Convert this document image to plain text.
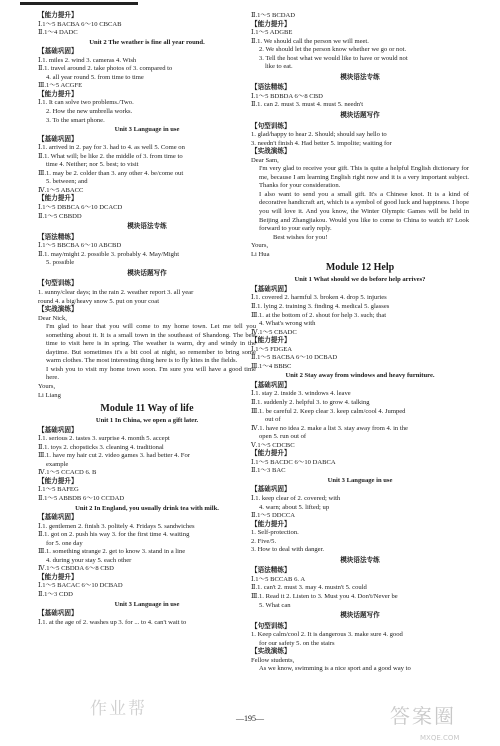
【能力提升】
Ⅰ.1～5 BACBA 6～10 CBCAB
Ⅱ.1～4 DADC
Unit 2 The weather is fine all year round.
【基础巩固】
Ⅰ.1. miles 2. wind 3. cameras 4. Wish
Ⅱ.1. travel around 2. take photos of 3. compared to
4. all year round 5. from time to time
Ⅲ.1～5 ACGFE
【能力提升】
Ⅰ.1. It can solve two problems./Two.
2. How the new umbrella works.
3. To the smart phone.
Unit 3 Language in use
【基础巩固】
Ⅰ.1. arrived in 2. pay for 3. had to 4. as well 5. Come on
Ⅱ.1. What will; be like 2. the middle of 3. from time to
time 4. Neither; nor 5. best; to visit
Ⅲ.1. may be 2. colder than 3. any other 4. be/come out
5. between; and
Ⅳ.1～5 ABACC
【能力提升】
Ⅰ.1～5 DBBCA 6～10 DCACD
Ⅱ.1～5 CBBDD
模块语法专练
【语法精练】
Ⅰ.1～5 BBCBA 6～10 ABCBD
Ⅱ.1. may/might 2. possible 3. probably 4. May/Might
5. possible
模块话题写作
【句型训练】
1. sunny/clear days; in the rain 2. weather report 3. all year
round 4. a big/heavy snow 5. put on your coat
【实战演练】
Dear Nick,
I'm glad to hear that you will come to my home town. Let me tell you something about it. It is a small town in the southeast of Shandong. The best time to visit here is in spring. The weather is warm, dry and windy in the daytime. But sometimes it's a bit cool at night, so remember to bring some warm clothes. The most interesting thing here is to fly kites in the fields.
I wish you to visit my home town soon. I'm sure you will have a good time here.
Yours,
Li Liang
Module 11 Way of life
Unit 1 In China, we open a gift later.
【基础巩固】
Ⅰ.1. serious 2. tastes 3. surprise 4. month 5. accept
Ⅱ.1. toys 2. chopsticks 3. cleaning 4. traditional
Ⅲ.1. have my hair cut 2. video games 3. had better 4. For
example
Ⅳ.1～5 CCACD 6. B
【能力提升】
Ⅰ.1～5 BAFEG
Ⅱ.1～5 ABBDB 6～10 CCDAD
Unit 2 In England, you usually drink tea with milk.
【基础巩固】
Ⅰ.1. gentlemen 2. finish 3. politely 4. Fridays 5. sandwiches
Ⅱ.1. got on 2. push his way 3. for the first time 4. waiting
for 5. one day
Ⅲ.1. something strange 2. get to know 3. stand in a line
4. during your stay 5. each other
Ⅳ.1～5 CBDDA 6～8 CBD
【能力提升】
Ⅰ.1～5 BACAC 6～10 DCBAD
Ⅱ.1～3 CDD
Unit 3 Language in use
【基础巩固】
Ⅰ.1. at the age of 2. washes up 3. for ... to 4. can't wait to
Ⅱ.1～5 BCDAD
【能力提升】
Ⅰ.1～5 ADGBE
Ⅱ.1. We should call the person we will meet.
2. We should let the person know whether we go or not.
3. Tell the host what we would like to have or would not
like to eat.
模块语法专练
【语法精练】
Ⅰ.1～5 BDBDA 6～8 CBD
Ⅱ.1. can 2. must 3. must 4. must 5. needn't
模块话题写作
【句型训练】
1. glad/happy to hear 2. Should; should say hello to
3. needn't finish 4. Had better 5. impolite; waiting for
【实战演练】
Dear Sam,
I'm very glad to receive your gift. This is quite a helpful English dictionary for me, because I am learning English right now and it is a very important subject. Thanks for your consideration.
I also want to send you a small gift. It's a Chinese knot. It is a kind of decorative handicraft art, which is a symbol of good luck and happiness. I hope you will love it. And you know, the Winter Olympic Games will be held in Beijing and Zhangjiakou. Would you like to come to China to watch it? Look forward to your early reply.
Best wishes for you!
Yours,
Li Hua
Module 12 Help
Unit 1 What should we do before help arrives?
【基础巩固】
Ⅰ.1. covered 2. harmful 3. broken 4. drop 5. injuries
Ⅱ.1. lying 2. training 3. finding 4. medical 5. glasses
Ⅲ.1. at the bottom of 2. shout for help 3. such; that
4. What's wrong with
Ⅳ.1～5 CBADC
【能力提升】
Ⅰ.1～5 FDGEA
Ⅱ.1～5 BACBA 6～10 DCBAD
Ⅲ.1～4 BBBC
Unit 2 Stay away from windows and heavy furniture.
【基础巩固】
Ⅰ.1. stay 2. inside 3. windows 4. leave
Ⅱ.1. suddenly 2. helpful 3. to grow 4. talking
Ⅲ.1. be careful 2. Keep clear 3. keep calm/cool 4. Jumped
out of
Ⅳ.1. have no idea 2. make a list 3. stay away from 4. in the
open 5. run out of
Ⅴ.1～5 CDCBC
【能力提升】
Ⅰ.1～5 BACDC 6～10 DABCA
Ⅱ.1～3 BAC
Unit 3 Language in use
【基础巩固】
Ⅰ.1. keep clear of 2. covered; with
4. warn; about 5. lifted; up
Ⅱ.1～5 DDCCA
【能力提升】
1. Self-protection.
2. Five/5.
3. How to deal with danger.
模块语法专练
【语法精练】
Ⅰ.1～5 BCCAB 6. A
Ⅱ.1. can't 2. must 3. may 4. mustn't 5. could
Ⅲ.1. Read it 2. Listen to 3. Must you 4. Don't/Never be
5. What can
模块话题写作
【句型训练】
1. Keep calm/cool 2. It is dangerous 3. make sure 4. good
for our safety 5. on the stairs
【实战演练】
Fellow students,
As we know, swimming is a nice sport and a good way to
—195—
作业帮	答案圈
MXQE.COM
